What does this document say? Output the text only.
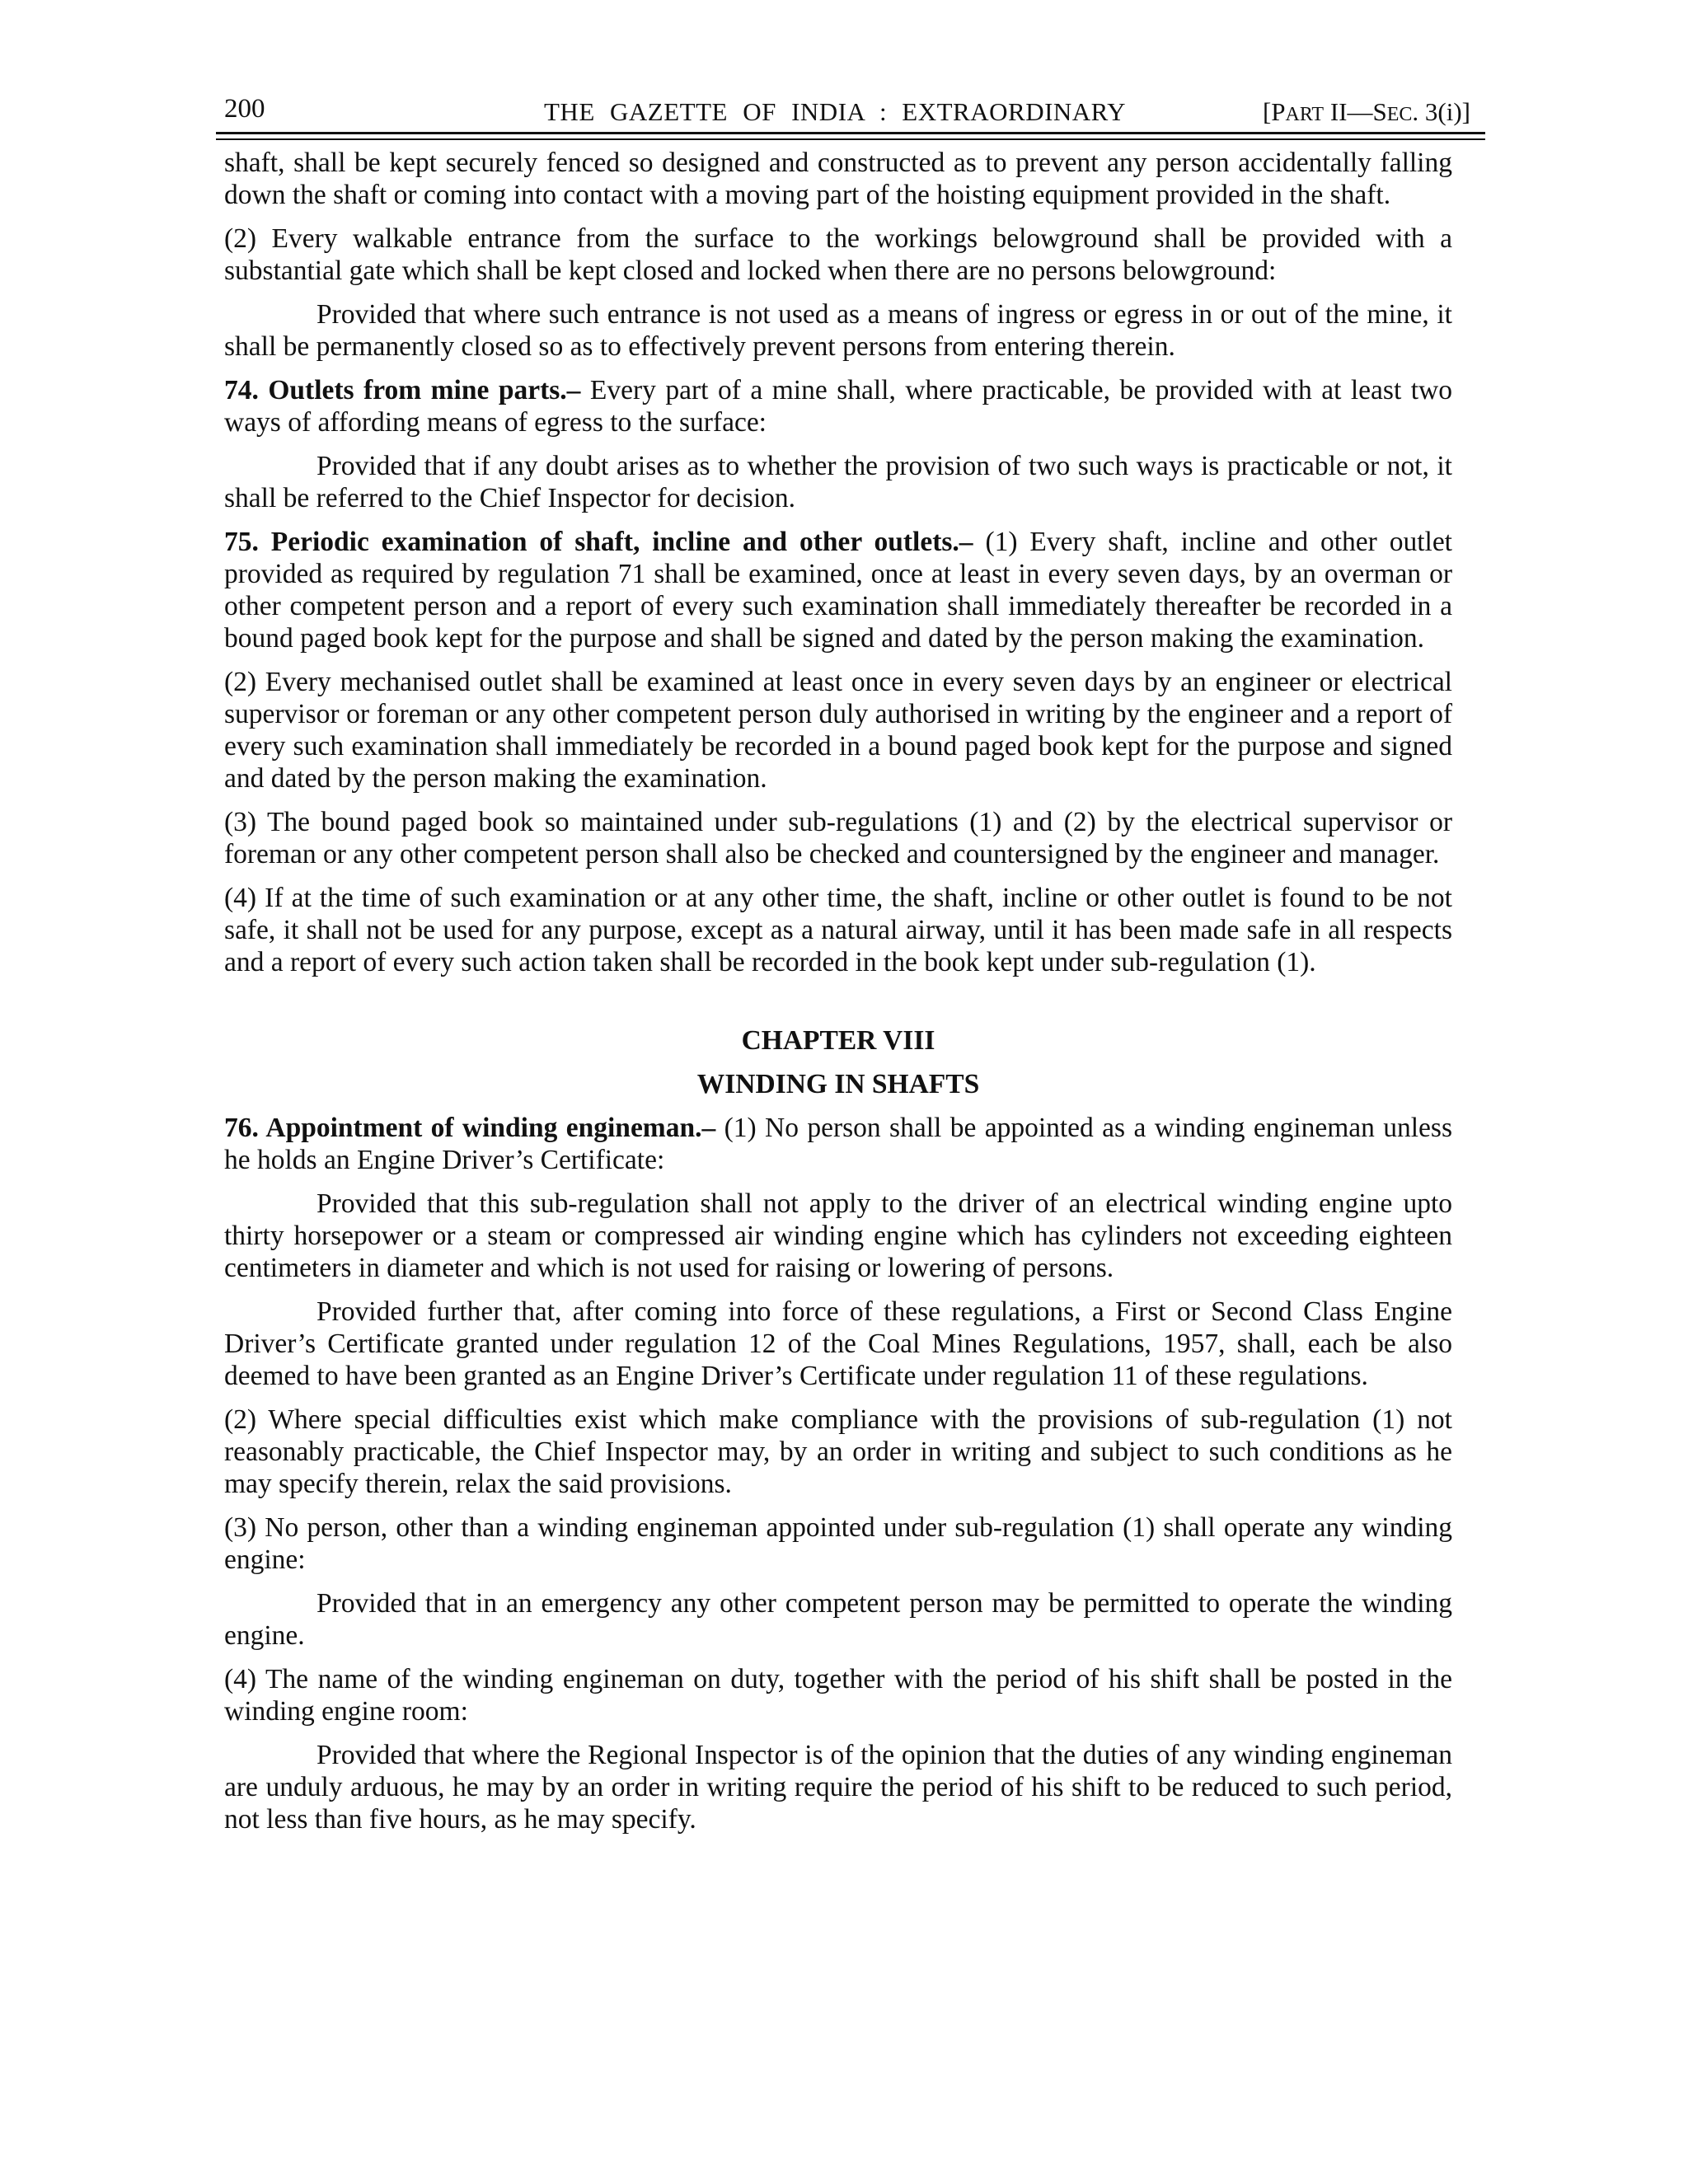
200	THE GAZETTE OF INDIA : EXTRAORDINARY	[PART II—SEC. 3(i)]

shaft, shall be kept securely fenced so designed and constructed as to prevent any person accidentally falling down the shaft or coming into contact with a moving part of the hoisting equipment provided in the shaft.

(2) Every walkable entrance from the surface to the workings belowground shall be provided with a substantial gate which shall be kept closed and locked when there are no persons belowground:

Provided that where such entrance is not used as a means of ingress or egress in or out of the mine, it shall be permanently closed so as to effectively prevent persons from entering therein.

74. Outlets from mine parts.– Every part of a mine shall, where practicable, be provided with at least two ways of affording means of egress to the surface:

Provided that if any doubt arises as to whether the provision of two such ways is practicable or not, it shall be referred to the Chief Inspector for decision.

75. Periodic examination of shaft, incline and other outlets.– (1) Every shaft, incline and other outlet provided as required by regulation 71 shall be examined, once at least in every seven days, by an overman or other competent person and a report of every such examination shall immediately thereafter be recorded in a bound paged book kept for the purpose and shall be signed and dated by the person making the examination.

(2) Every mechanised outlet shall be examined at least once in every seven days by an engineer or electrical supervisor or foreman or any other competent person duly authorised in writing by the engineer and a report of every such examination shall immediately be recorded in a bound paged book kept for the purpose and signed and dated by the person making the examination.

(3) The bound paged book so maintained under sub-regulations (1) and (2) by the electrical supervisor or foreman or any other competent person shall also be checked and countersigned by the engineer and manager.

(4) If at the time of such examination or at any other time, the shaft, incline or other outlet is found to be not safe, it shall not be used for any purpose, except as a natural airway, until it has been made safe in all respects and a report of every such action taken shall be recorded in the book kept under sub-regulation (1).

CHAPTER VIII
WINDING IN SHAFTS

76. Appointment of winding engineman.– (1) No person shall be appointed as a winding engineman unless he holds an Engine Driver’s Certificate:

Provided that this sub-regulation shall not apply to the driver of an electrical winding engine upto thirty horsepower or a steam or compressed air winding engine which has cylinders not exceeding eighteen centimeters in diameter and which is not used for raising or lowering of persons.

Provided further that, after coming into force of these regulations, a First or Second Class Engine Driver’s Certificate granted under regulation 12 of the Coal Mines Regulations, 1957, shall, each be also deemed to have been granted as an Engine Driver’s Certificate under regulation 11 of these regulations.

(2) Where special difficulties exist which make compliance with the provisions of sub-regulation (1) not reasonably practicable, the Chief Inspector may, by an order in writing and subject to such conditions as he may specify therein, relax the said provisions.

(3) No person, other than a winding engineman appointed under sub-regulation (1) shall operate any winding engine:

Provided that in an emergency any other competent person may be permitted to operate the winding engine.

(4) The name of the winding engineman on duty, together with the period of his shift shall be posted in the winding engine room:

Provided that where the Regional Inspector is of the opinion that the duties of any winding engineman are unduly arduous, he may by an order in writing require the period of his shift to be reduced to such period, not less than five hours, as he may specify.
